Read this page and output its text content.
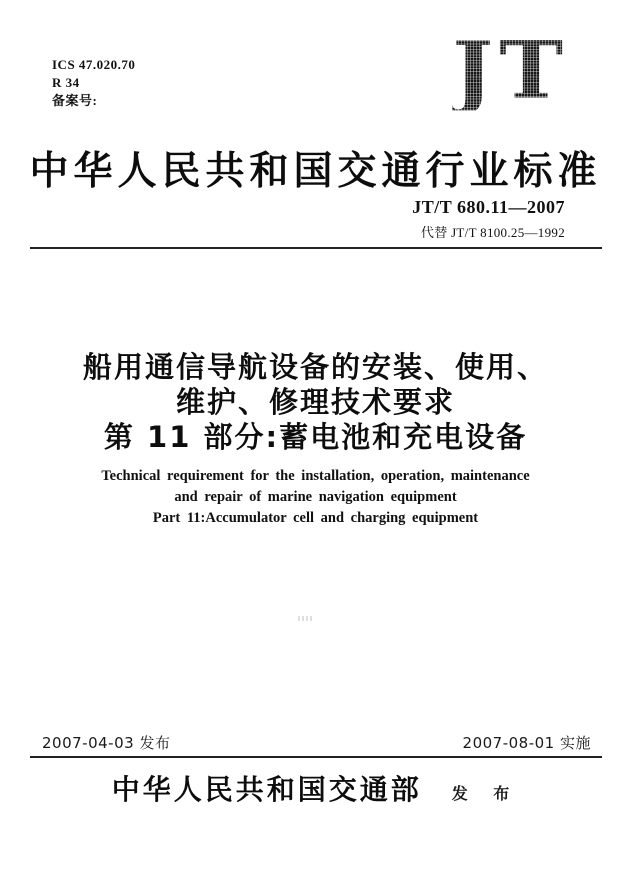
ICS 47.020.70
R 34
备案号:	JT
中华人民共和国交通行业标准
JT/T 680.11—2007
代替 JT/T 8100.25—1992
船用通信导航设备的安装、使用、
维护、修理技术要求
第 11 部分:蓄电池和充电设备
Technical requirement for the installation, operation, maintenance
and repair of marine navigation equipment
Part 11:Accumulator cell and charging equipment
2007-04-03 发布	2007-08-01 实施
中华人民共和国交通部 发 布
